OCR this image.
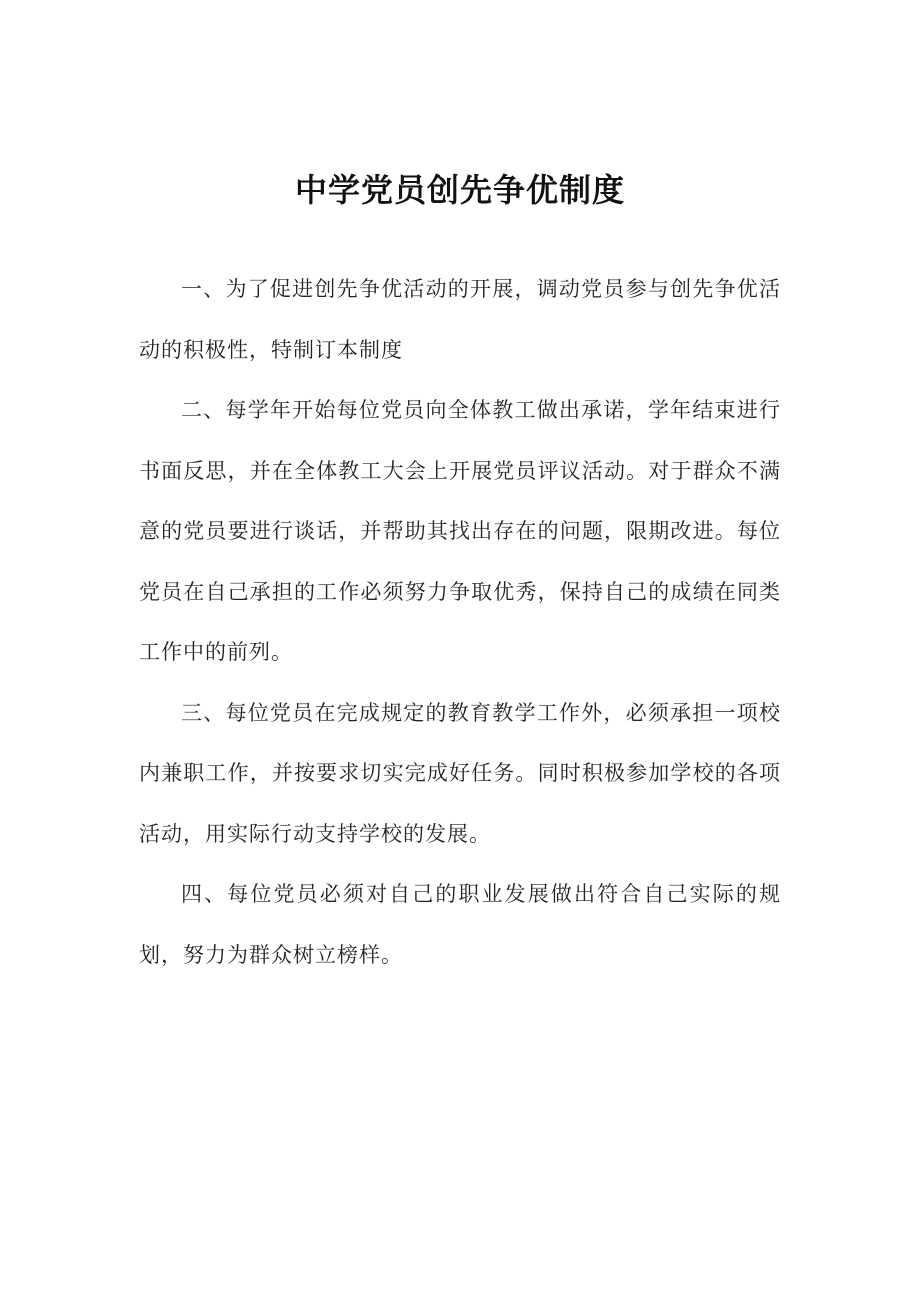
中学党员创先争优制度

一、为了促进创先争优活动的开展，调动党员参与创先争优活动的积极性，特制订本制度

二、每学年开始每位党员向全体教工做出承诺，学年结束进行书面反思，并在全体教工大会上开展党员评议活动。对于群众不满意的党员要进行谈话，并帮助其找出存在的问题，限期改进。每位党员在自己承担的工作必须努力争取优秀，保持自己的成绩在同类工作中的前列。

三、每位党员在完成规定的教育教学工作外，必须承担一项校内兼职工作，并按要求切实完成好任务。同时积极参加学校的各项活动，用实际行动支持学校的发展。

四、每位党员必须对自己的职业发展做出符合自己实际的规划，努力为群众树立榜样。
